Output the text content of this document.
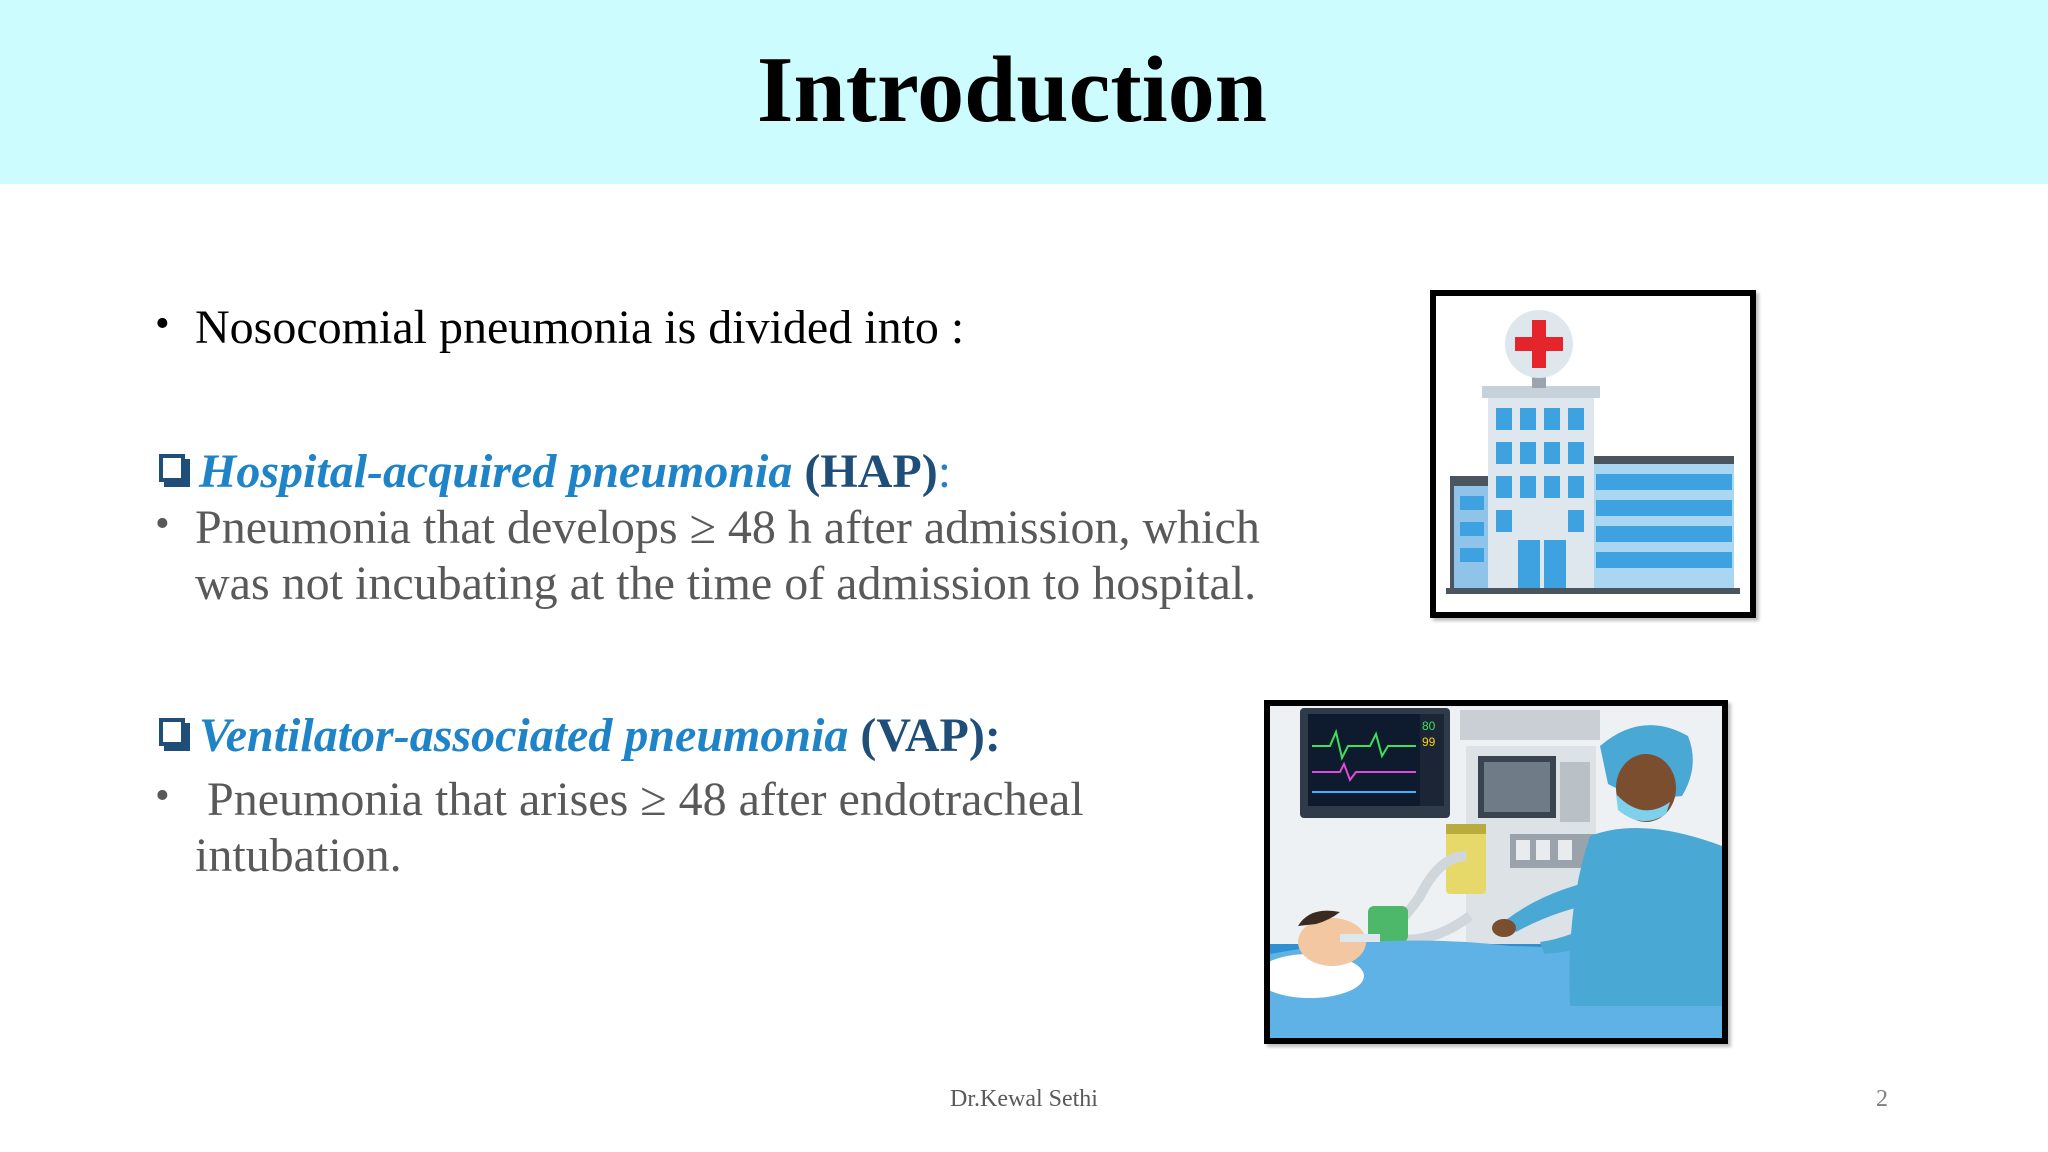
Introduction
• Nosocomial pneumonia is divided into :
Hospital-acquired pneumonia (HAP):
• Pneumonia that develops ≥ 48 h after admission, which
was not incubating at the time of admission to hospital.
Ventilator-associated pneumonia (VAP):
• Pneumonia that arises ≥ 48 after endotracheal
intubation.
80
99
Dr.Kewal Sethi	2
